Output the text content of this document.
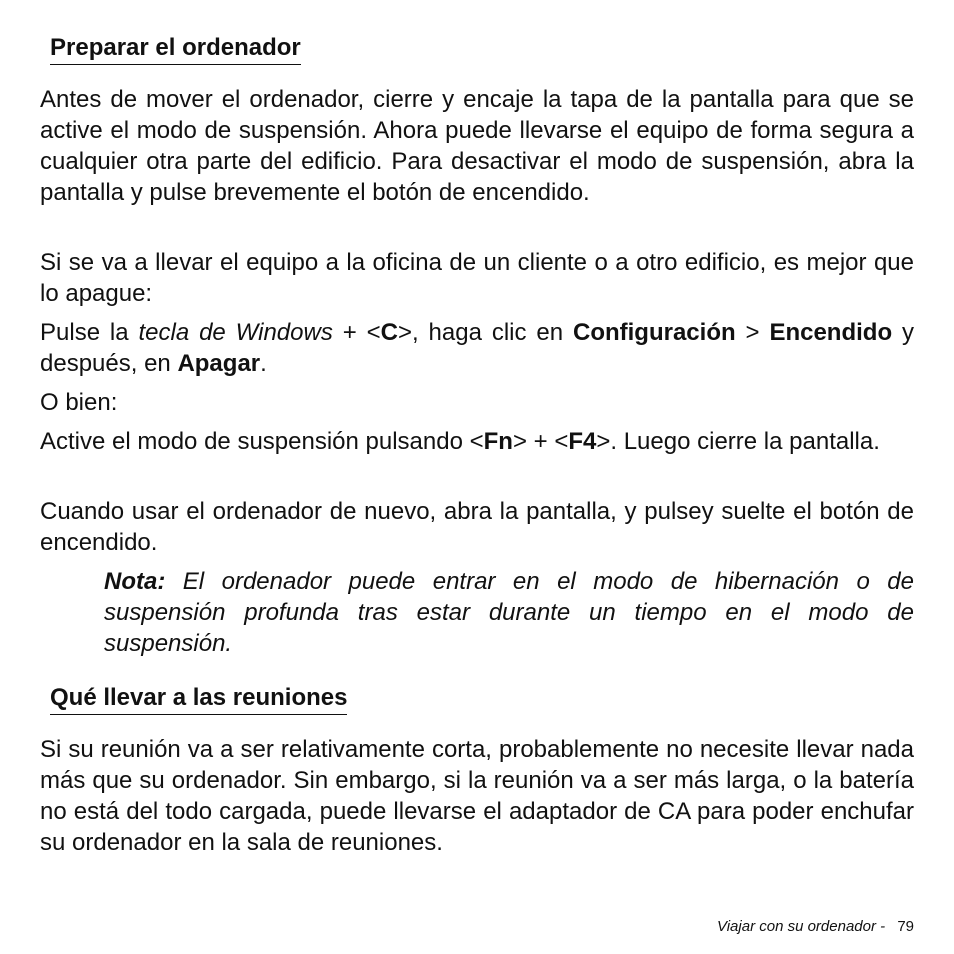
Preparar el ordenador

Antes de mover el ordenador, cierre y encaje la tapa de la pantalla para que se active el modo de suspensión. Ahora puede llevarse el equipo de forma segura a cualquier otra parte del edificio. Para desactivar el modo de suspensión, abra la pantalla y pulse brevemente el botón de encendido.

Si se va a llevar el equipo a la oficina de un cliente o a otro edificio, es mejor que lo apague:

Pulse la tecla de Windows + <C>, haga clic en Configuración > Encendido y después, en Apagar.

O bien:

Active el modo de suspensión pulsando <Fn> + <F4>. Luego cierre la pantalla.

Cuando usar el ordenador de nuevo, abra la pantalla, y pulsey suelte el botón de encendido.

Nota: El ordenador puede entrar en el modo de hibernación o de suspensión profunda tras estar durante un tiempo en el modo de suspensión.

Qué llevar a las reuniones

Si su reunión va a ser relativamente corta, probablemente no necesite llevar nada más que su ordenador. Sin embargo, si la reunión va a ser más larga, o la batería no está del todo cargada, puede llevarse el adaptador de CA para poder enchufar su ordenador en la sala de reuniones.

Viajar con su ordenador - 79
